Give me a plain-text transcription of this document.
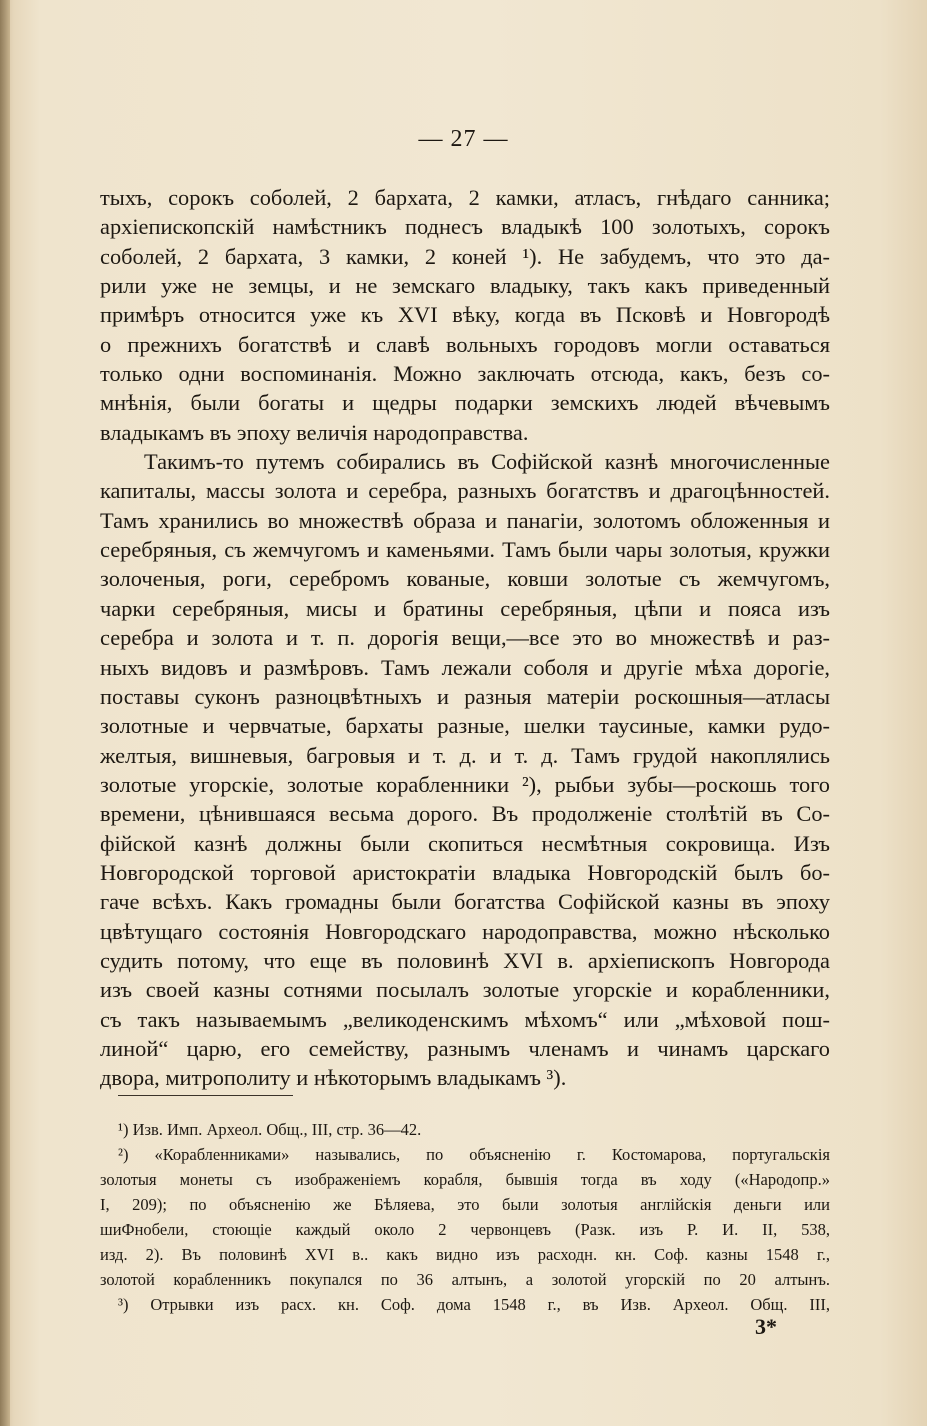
— 27 —
тыхъ, сорокъ соболей, 2 бархата, 2 камки, атласъ, гнѣдаго санника;
архіепископскій намѣстникъ поднесъ владыкѣ 100 золотыхъ, сорокъ
соболей, 2 бархата, 3 камки, 2 коней ¹). Не забудемъ, что это да-
рили уже не земцы, и не земскаго владыку, такъ какъ приведенный
примѣръ относится уже къ XVI вѣку, когда въ Псковѣ и Новгородѣ
о прежнихъ богатствѣ и славѣ вольныхъ городовъ могли оставаться
только одни воспоминанія. Можно заключать отсюда, какъ, безъ со-
мнѣнія, были богаты и щедры подарки земскихъ людей вѣчевымъ
владыкамъ въ эпоху величія народоправства.
Такимъ-то путемъ собирались въ Софійской казнѣ многочисленные
капиталы, массы золота и серебра, разныхъ богатствъ и драгоцѣнностей.
Тамъ хранились во множествѣ образа и панагіи, золотомъ обложенныя и
серебряныя, съ жемчугомъ и каменьями. Тамъ были чары золотыя, кружки
золоченыя, роги, серебромъ кованые, ковши золотые съ жемчугомъ,
чарки серебряныя, мисы и братины серебряныя, цѣпи и пояса изъ
серебра и золота и т. п. дорогія вещи,—все это во множествѣ и раз-
ныхъ видовъ и размѣровъ. Тамъ лежали соболя и другіе мѣха дорогіе,
поставы суконъ разноцвѣтныхъ и разныя матеріи роскошныя—атласы
золотные и червчатые, бархаты разные, шелки таусиные, камки рудо-
желтыя, вишневыя, багровыя и т. д. и т. д. Тамъ грудой накоплялись
золотые угорскіе, золотые корабленники ²), рыбьи зубы—роскошь того
времени, цѣнившаяся весьма дорого. Въ продолженіе столѣтій въ Со-
фійской казнѣ должны были скопиться несмѣтныя сокровища. Изъ
Новгородской торговой аристократіи владыка Новгородскій былъ бо-
гаче всѣхъ. Какъ громадны были богатства Софійской казны въ эпоху
цвѣтущаго состоянія Новгородскаго народоправства, можно нѣсколько
судить потому, что еще въ половинѣ XVI в. архіепископъ Новгорода
изъ своей казны сотнями посылалъ золотые угорскіе и корабленники,
съ такъ называемымъ „великоденскимъ мѣхомъ“ или „мѣховой пош-
линой“ царю, его семейству, разнымъ членамъ и чинамъ царскаго
двора, митрополиту и нѣкоторымъ владыкамъ ³).
¹) Изв. Имп. Археол. Общ., III, стр. 36—42.
²) «Корабленниками» назывались, по объясненію г. Костомарова, португальскія
золотыя монеты съ изображеніемъ корабля, бывшія тогда въ ходу («Народопр.»
I, 209); по объясненію же Бѣляева, это были золотыя англійскія деньги или
шиФнобели, стоющіе каждый около 2 червонцевъ (Разк. изъ Р. И. II, 538,
изд. 2). Въ половинѣ XVI в.. какъ видно изъ расходн. кн. Соф. казны 1548 г.,
золотой корабленникъ покупался по 36 алтынъ, а золотой угорскій по 20 алтынъ.
³) Отрывки изъ расх. кн. Соф. дома 1548 г., въ Изв. Археол. Общ. III,
3*
